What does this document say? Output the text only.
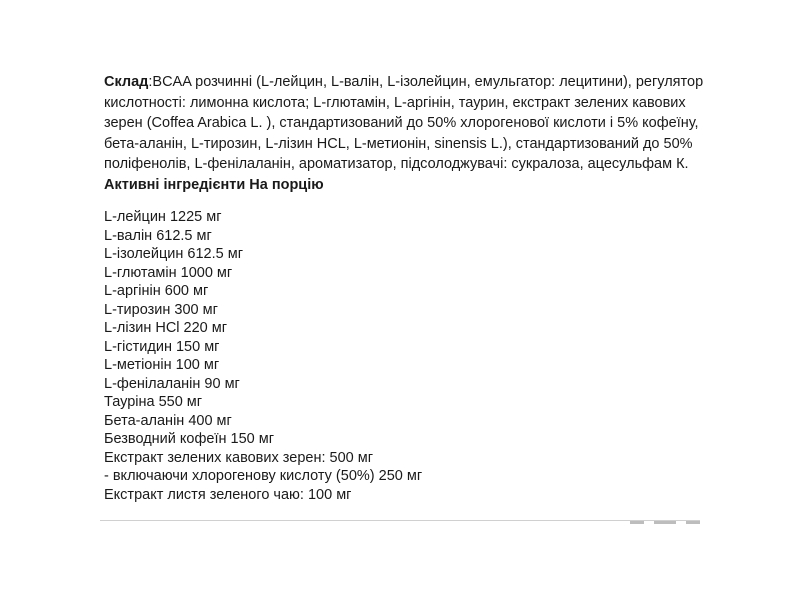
Склад:BCAA розчинні (L-лейцин, L-валін, L-ізолейцин, емульгатор: лецитини), регулятор кислотності: лимонна кислота; L-глютамін, L-аргінін, таурин, екстракт зелених кавових зерен (Coffea Arabica L. ), стандартизований до 50% хлорогенової кислоти і 5% кофеїну, бета-аланін, L-тирозин, L-лізин HCL, L-метионін, sinensis L.), стандартизований до 50% поліфенолів, L-фенілаланін, ароматизатор, підсолоджувачі: сукралоза, ацесульфам К.

Активні інгредієнти На порцію

L-лейцин 1225 мг
L-валін 612.5 мг
L-ізолейцин 612.5 мг
L-глютамін 1000 мг
L-аргінін 600 мг
L-тирозин 300 мг
L-лізин HCl 220 мг
L-гістидин 150 мг
L-метіонін 100 мг
L-фенілаланін 90 мг
Тауріна 550 мг
Бета-аланін 400 мг
Безводний кофеїн 150 мг
Екстракт зелених кавових зерен: 500 мг
- включаючи хлорогенову кислоту (50%) 250 мг
Екстракт листя зеленого чаю: 100 мг
